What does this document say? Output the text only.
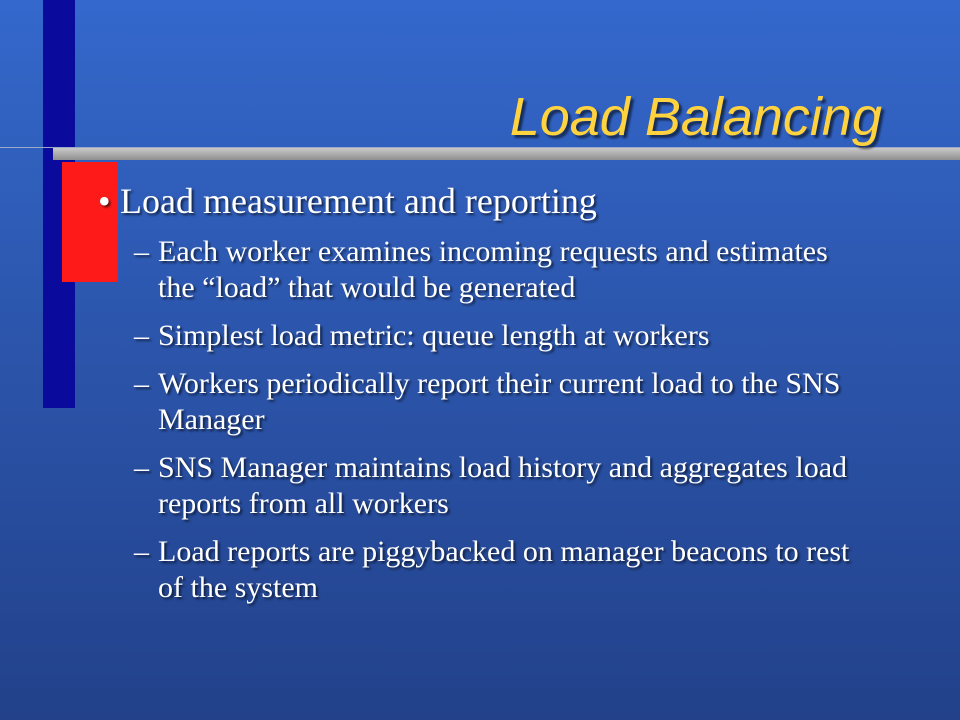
Load Balancing
• Load measurement and reporting
– Each worker examines incoming requests and estimates the “load” that would be generated
– Simplest load metric: queue length at workers
– Workers periodically report their current load to the SNS Manager
– SNS Manager maintains load history and aggregates load reports from all workers
– Load reports are piggybacked on manager beacons to rest of the system
